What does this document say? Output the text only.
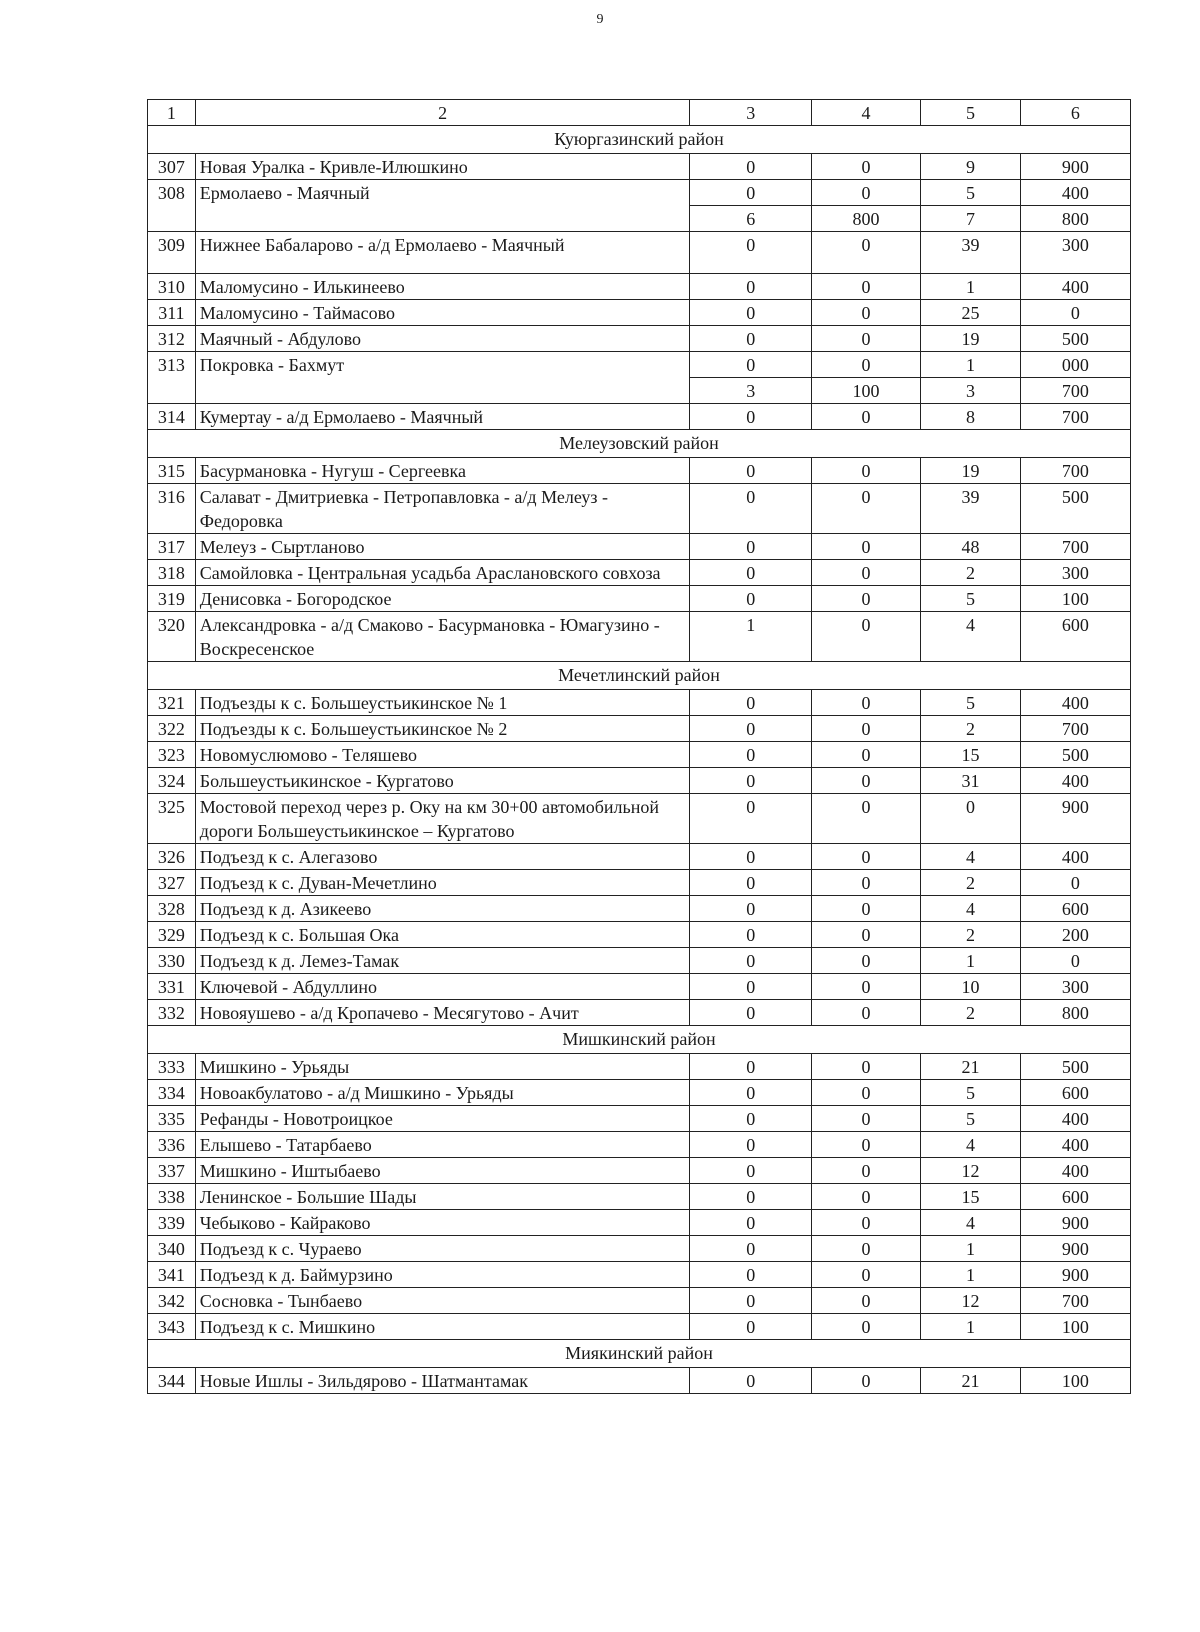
9
1	2	3	4	5	6
Куюргазинский район					
307	Новая Уралка - Кривле-Илюшкино	0	0	9	900
308	Ермолаево - Маячный	0	0	5	400
		6	800	7	800
309	Нижнее Бабаларово - а/д Ермолаево - Маячный	0	0	39	300
310	Маломусино - Илькинеево	0	0	1	400
311	Маломусино - Таймасово	0	0	25	0
312	Маячный - Абдулово	0	0	19	500
313	Покровка - Бахмут	0	0	1	000
		3	100	3	700
314	Кумертау - а/д Ермолаево - Маячный	0	0	8	700
Мелеузовский район					
315	Басурмановка - Нугуш - Сергеевка	0	0	19	700
316	Салават - Дмитриевка - Петропавловка - а/д Мелеуз - Федоровка	0	0	39	500
317	Мелеуз - Сыртланово	0	0	48	700
318	Самойловка - Центральная усадьба Араслановского совхоза	0	0	2	300
319	Денисовка - Богородское	0	0	5	100
320	Александровка - а/д Смаково - Басурмановка - Юмагузино - Воскресенское	1	0	4	600
Мечетлинский район					
321	Подъезды к с. Большеустьикинское № 1	0	0	5	400
322	Подъезды к с. Большеустьикинское № 2	0	0	2	700
323	Новомуслюмово - Теляшево	0	0	15	500
324	Большеустьикинское - Кургатово	0	0	31	400
325	Мостовой переход через р. Оку на км 30+00 автомобильной дороги Большеустьикинское – Кургатово	0	0	0	900
326	Подъезд к с. Алегазово	0	0	4	400
327	Подъезд к с. Дуван-Мечетлино	0	0	2	0
328	Подъезд к д. Азикеево	0	0	4	600
329	Подъезд к с. Большая Ока	0	0	2	200
330	Подъезд к д. Лемез-Тамак	0	0	1	0
331	Ключевой - Абдуллино	0	0	10	300
332	Новояушево - а/д Кропачево - Месягутово - Ачит	0	0	2	800
Мишкинский район					
333	Мишкино - Урьяды	0	0	21	500
334	Новоакбулатово - а/д Мишкино - Урьяды	0	0	5	600
335	Рефанды - Новотроицкое	0	0	5	400
336	Елышево - Татарбаево	0	0	4	400
337	Мишкино - Иштыбаево	0	0	12	400
338	Ленинское - Большие Шады	0	0	15	600
339	Чебыково - Кайраково	0	0	4	900
340	Подъезд к с. Чураево	0	0	1	900
341	Подъезд к д. Баймурзино	0	0	1	900
342	Сосновка - Тынбаево	0	0	12	700
343	Подъезд к с. Мишкино	0	0	1	100
Миякинский район					
344	Новые Ишлы - Зильдярово - Шатмантамак	0	0	21	100
